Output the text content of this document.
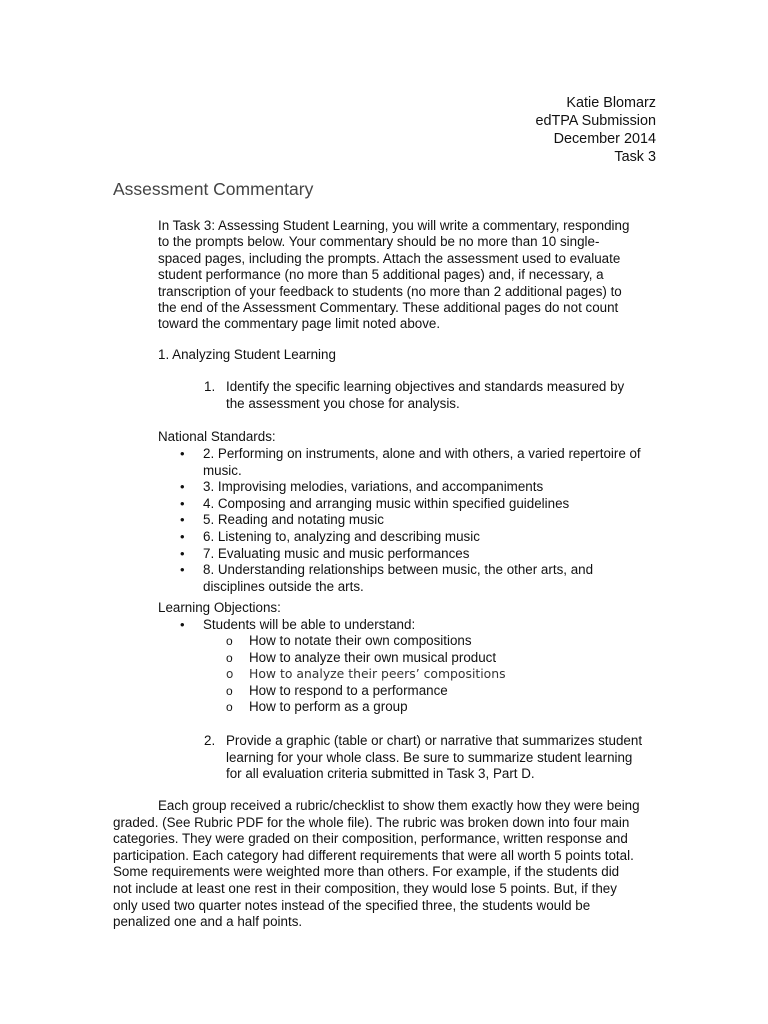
Katie Blomarz
edTPA Submission
December 2014
Task 3
Assessment Commentary
In Task 3: Assessing Student Learning, you will write a commentary, responding
to the prompts below. Your commentary should be no more than 10 single-
spaced pages, including the prompts. Attach the assessment used to evaluate
student performance (no more than 5 additional pages) and, if necessary, a
transcription of your feedback to students (no more than 2 additional pages) to
the end of the Assessment Commentary. These additional pages do not count
toward the commentary page limit noted above.
1. Analyzing Student Learning
1. Identify the specific learning objectives and standards measured by
the assessment you chose for analysis.
National Standards:
• 2. Performing on instruments, alone and with others, a varied repertoire of
music.
• 3. Improvising melodies, variations, and accompaniments
• 4. Composing and arranging music within specified guidelines
• 5. Reading and notating music
• 6. Listening to, analyzing and describing music
• 7. Evaluating music and music performances
• 8. Understanding relationships between music, the other arts, and
disciplines outside the arts.
Learning Objections:
• Students will be able to understand:
o How to notate their own compositions
o How to analyze their own musical product
o How to analyze their peers’ compositions
o How to respond to a performance
o How to perform as a group
2. Provide a graphic (table or chart) or narrative that summarizes student
learning for your whole class. Be sure to summarize student learning
for all evaluation criteria submitted in Task 3, Part D.
Each group received a rubric/checklist to show them exactly how they were being
graded. (See Rubric PDF for the whole file). The rubric was broken down into four main
categories. They were graded on their composition, performance, written response and
participation. Each category had different requirements that were all worth 5 points total.
Some requirements were weighted more than others. For example, if the students did
not include at least one rest in their composition, they would lose 5 points. But, if they
only used two quarter notes instead of the specified three, the students would be
penalized one and a half points.
